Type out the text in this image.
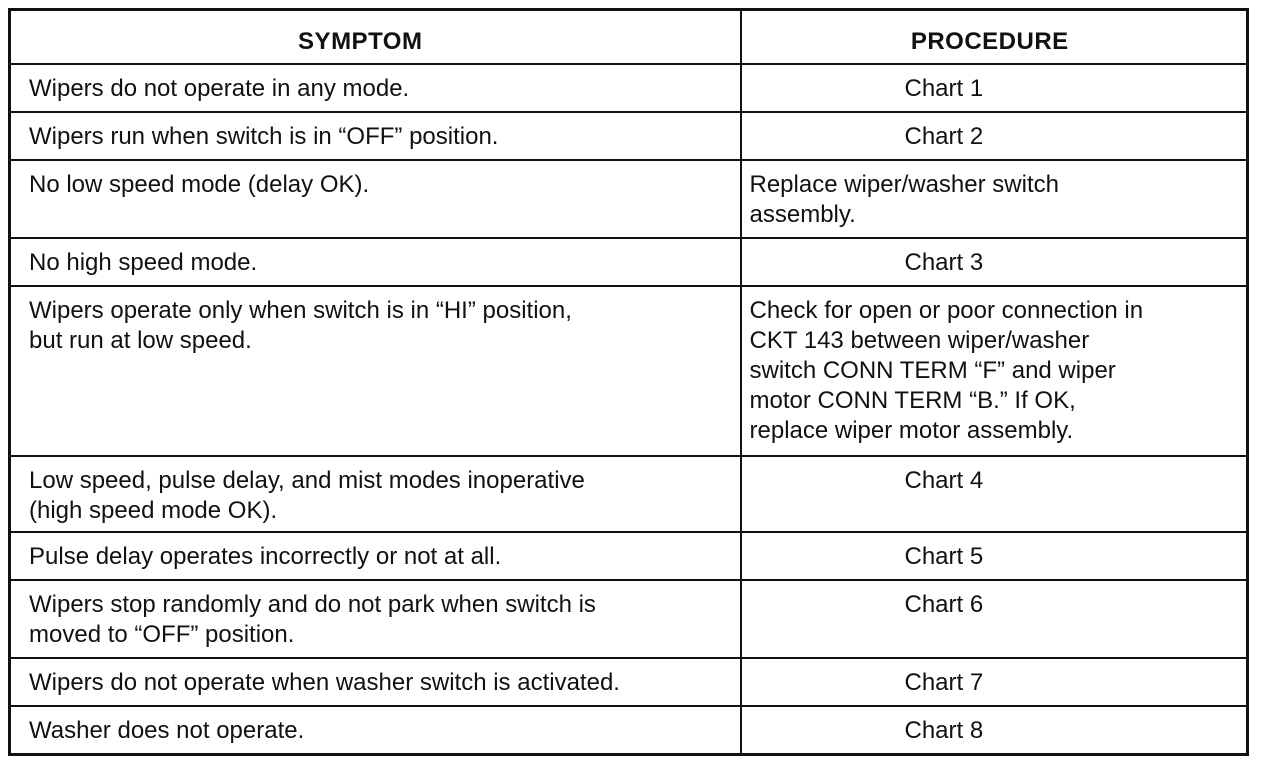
SYMPTOM	PROCEDURE

Wipers do not operate in any mode.	Chart 1

Wipers run when switch is in “OFF” position.	Chart 2

No low speed mode (delay OK).	Replace wiper/washer switch
assembly.

No high speed mode.	Chart 3

Wipers operate only when switch is in “HI” position,
but run at low speed.	Check for open or poor connection in
CKT 143 between wiper/washer
switch CONN TERM “F” and wiper
motor CONN TERM “B.” If OK,
replace wiper motor assembly.

Low speed, pulse delay, and mist modes inoperative
(high speed mode OK).	Chart 4

Pulse delay operates incorrectly or not at all.	Chart 5

Wipers stop randomly and do not park when switch is
moved to “OFF” position.	Chart 6

Wipers do not operate when washer switch is activated.	Chart 7

Washer does not operate.	Chart 8
